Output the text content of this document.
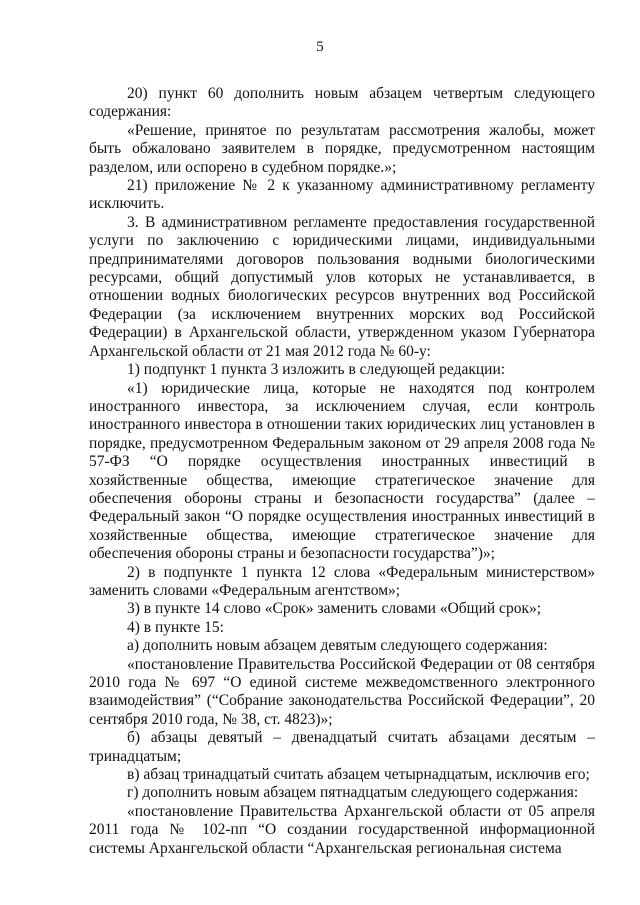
5

20) пункт 60 дополнить новым абзацем четвертым следующего содержания:

«Решение, принятое по результатам рассмотрения жалобы, может быть обжаловано заявителем в порядке, предусмотренном настоящим разделом, или оспорено в судебном порядке.»;

21) приложение № 2 к указанному административному регламенту исключить.

3. В административном регламенте предоставления государственной услуги по заключению с юридическими лицами, индивидуальными предпринимателями договоров пользования водными биологическими ресурсами, общий допустимый улов которых не устанавливается, в отношении водных биологических ресурсов внутренних вод Российской Федерации (за исключением внутренних морских вод Российской Федерации) в Архангельской области, утвержденном указом Губернатора Архангельской области от 21 мая 2012 года № 60-у:

1) подпункт 1 пункта 3 изложить в следующей редакции:

«1) юридические лица, которые не находятся под контролем иностранного инвестора, за исключением случая, если контроль иностранного инвестора в отношении таких юридических лиц установлен в порядке, предусмотренном Федеральным законом от 29 апреля 2008 года № 57-ФЗ “О порядке осуществления иностранных инвестиций в хозяйственные общества, имеющие стратегическое значение для обеспечения обороны страны и безопасности государства” (далее – Федеральный закон “О порядке осуществления иностранных инвестиций в хозяйственные общества, имеющие стратегическое значение для обеспечения обороны страны и безопасности государства”)»;

2) в подпункте 1 пункта 12 слова «Федеральным министерством» заменить словами «Федеральным агентством»;

3) в пункте 14 слово «Срок» заменить словами «Общий срок»;

4) в пункте 15:

а) дополнить новым абзацем девятым следующего содержания:

«постановление Правительства Российской Федерации от 08 сентября 2010 года № 697 “О единой системе межведомственного электронного взаимодействия” (“Собрание законодательства Российской Федерации”, 20 сентября 2010 года, № 38, ст. 4823)»;

б) абзацы девятый – двенадцатый считать абзацами десятым – тринадцатым;

в) абзац тринадцатый считать абзацем четырнадцатым, исключив его;

г) дополнить новым абзацем пятнадцатым следующего содержания:

«постановление Правительства Архангельской области от 05 апреля 2011 года № 102-пп “О создании государственной информационной системы Архангельской области “Архангельская региональная система
